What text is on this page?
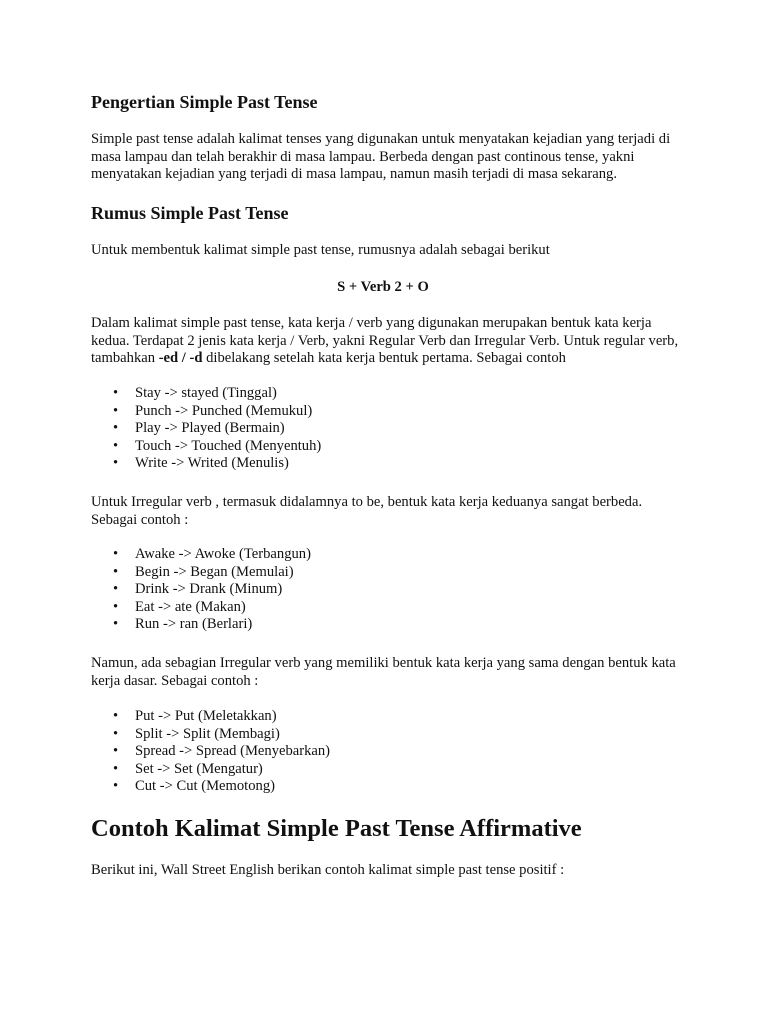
Pengertian Simple Past Tense

Simple past tense adalah kalimat tenses yang digunakan untuk menyatakan kejadian yang terjadi di masa lampau dan telah berakhir di masa lampau. Berbeda dengan past continous tense, yakni menyatakan kejadian yang terjadi di masa lampau, namun masih terjadi di masa sekarang.

Rumus Simple Past Tense

Untuk membentuk kalimat simple past tense, rumusnya adalah sebagai berikut

S + Verb 2 + O

Dalam kalimat simple past tense, kata kerja / verb yang digunakan merupakan bentuk kata kerja kedua. Terdapat 2 jenis kata kerja / Verb, yakni Regular Verb dan Irregular Verb. Untuk regular verb, tambahkan -ed / -d dibelakang setelah kata kerja bentuk pertama. Sebagai contoh

• Stay -> stayed (Tinggal)
• Punch -> Punched (Memukul)
• Play -> Played (Bermain)
• Touch -> Touched (Menyentuh)
• Write -> Writed (Menulis)

Untuk Irregular verb , termasuk didalamnya to be, bentuk kata kerja keduanya sangat berbeda. Sebagai contoh :

• Awake -> Awoke (Terbangun)
• Begin -> Began (Memulai)
• Drink -> Drank (Minum)
• Eat -> ate (Makan)
• Run -> ran (Berlari)

Namun, ada sebagian Irregular verb yang memiliki bentuk kata kerja yang sama dengan bentuk kata kerja dasar. Sebagai contoh :

• Put -> Put (Meletakkan)
• Split -> Split (Membagi)
• Spread -> Spread (Menyebarkan)
• Set -> Set (Mengatur)
• Cut -> Cut (Memotong)
Contoh Kalimat Simple Past Tense Affirmative

Berikut ini, Wall Street English berikan contoh kalimat simple past tense positif :
